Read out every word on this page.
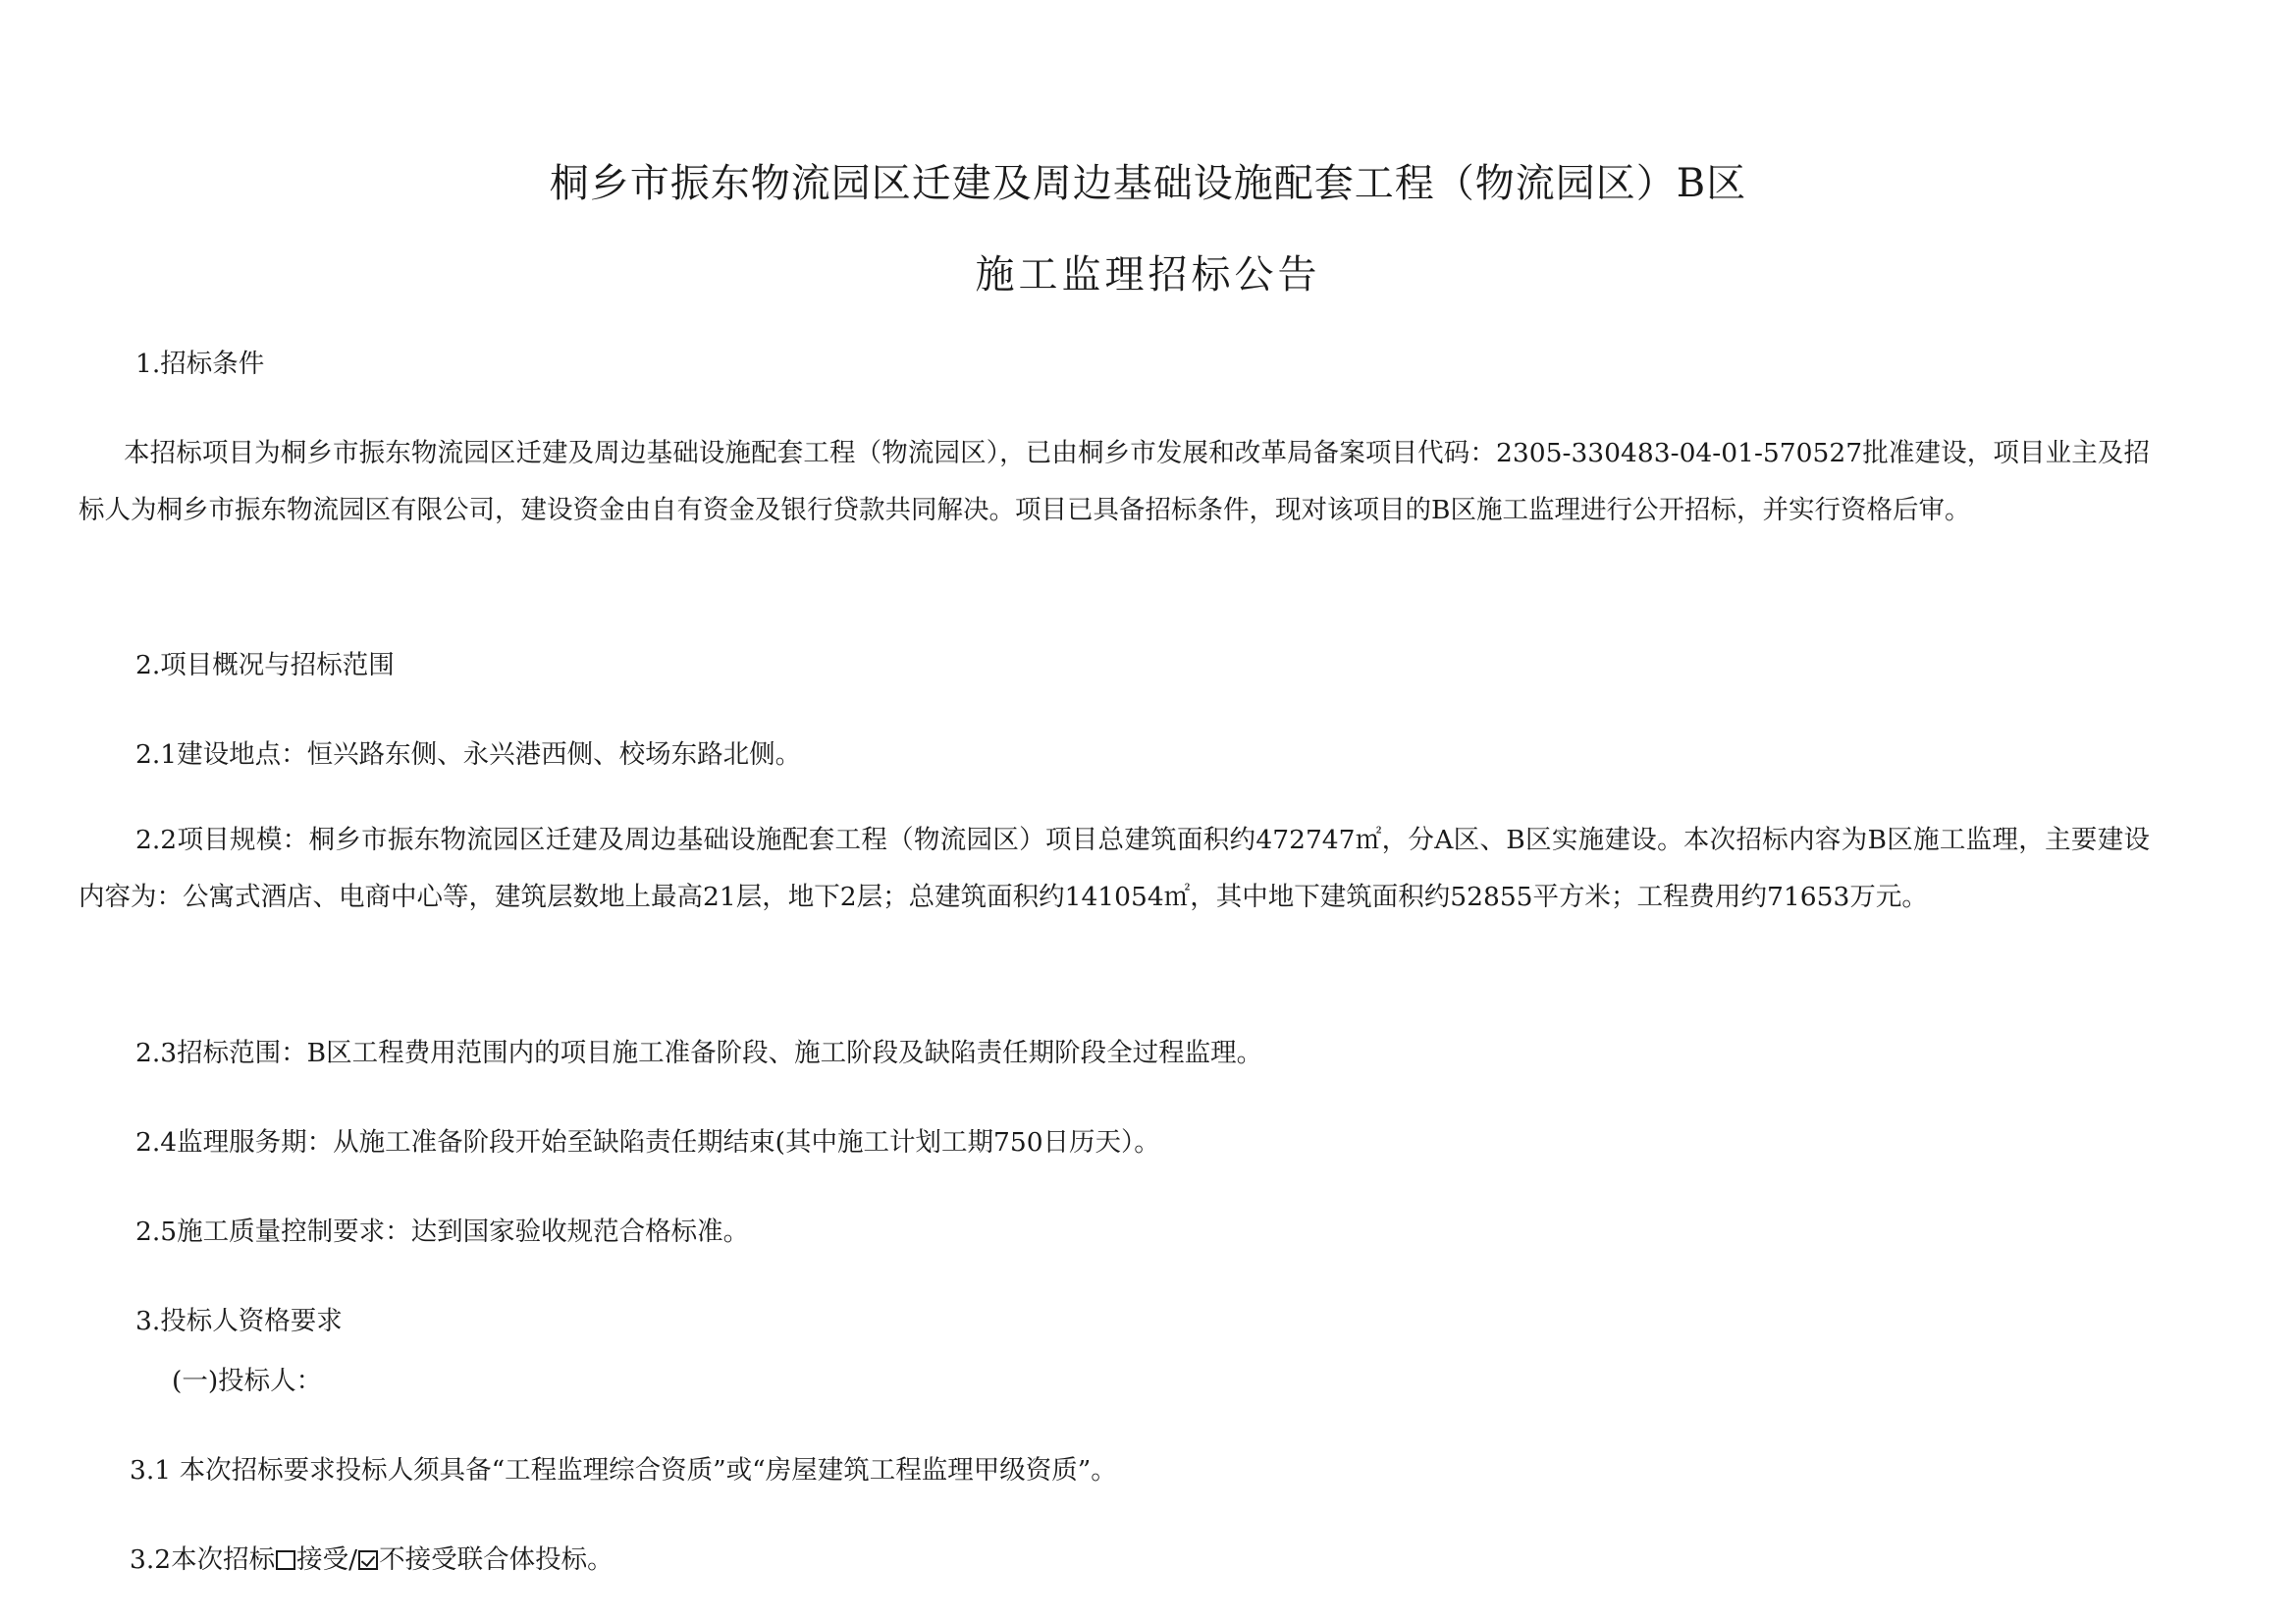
桐乡市振东物流园区迁建及周边基础设施配套工程（物流园区）B区
施工监理招标公告
1.招标条件
本招标项目为桐乡市振东物流园区迁建及周边基础设施配套工程（物流园区），已由桐乡市发展和改革局备案项目代码：2305-330483-04-01-570527批准建设，项目业主及招标人为桐乡市振东物流园区有限公司，建设资金由自有资金及银行贷款共同解决。项目已具备招标条件，现对该项目的B区施工监理进行公开招标，并实行资格后审。
2.项目概况与招标范围
2.1建设地点：恒兴路东侧、永兴港西侧、校场东路北侧。
2.2项目规模：桐乡市振东物流园区迁建及周边基础设施配套工程（物流园区）项目总建筑面积约472747㎡，分A区、B区实施建设。本次招标内容为B区施工监理，主要建设内容为：公寓式酒店、电商中心等，建筑层数地上最高21层，地下2层；总建筑面积约141054㎡，其中地下建筑面积约52855平方米；工程费用约71653万元。
2.3招标范围：B区工程费用范围内的项目施工准备阶段、施工阶段及缺陷责任期阶段全过程监理。
2.4监理服务期：从施工准备阶段开始至缺陷责任期结束(其中施工计划工期750日历天）。
2.5施工质量控制要求：达到国家验收规范合格标准。
3.投标人资格要求
(一)投标人：
3.1 本次招标要求投标人须具备“工程监理综合资质”或“房屋建筑工程监理甲级资质”。
3.2本次招标 接受/ 不接受联合体投标。
